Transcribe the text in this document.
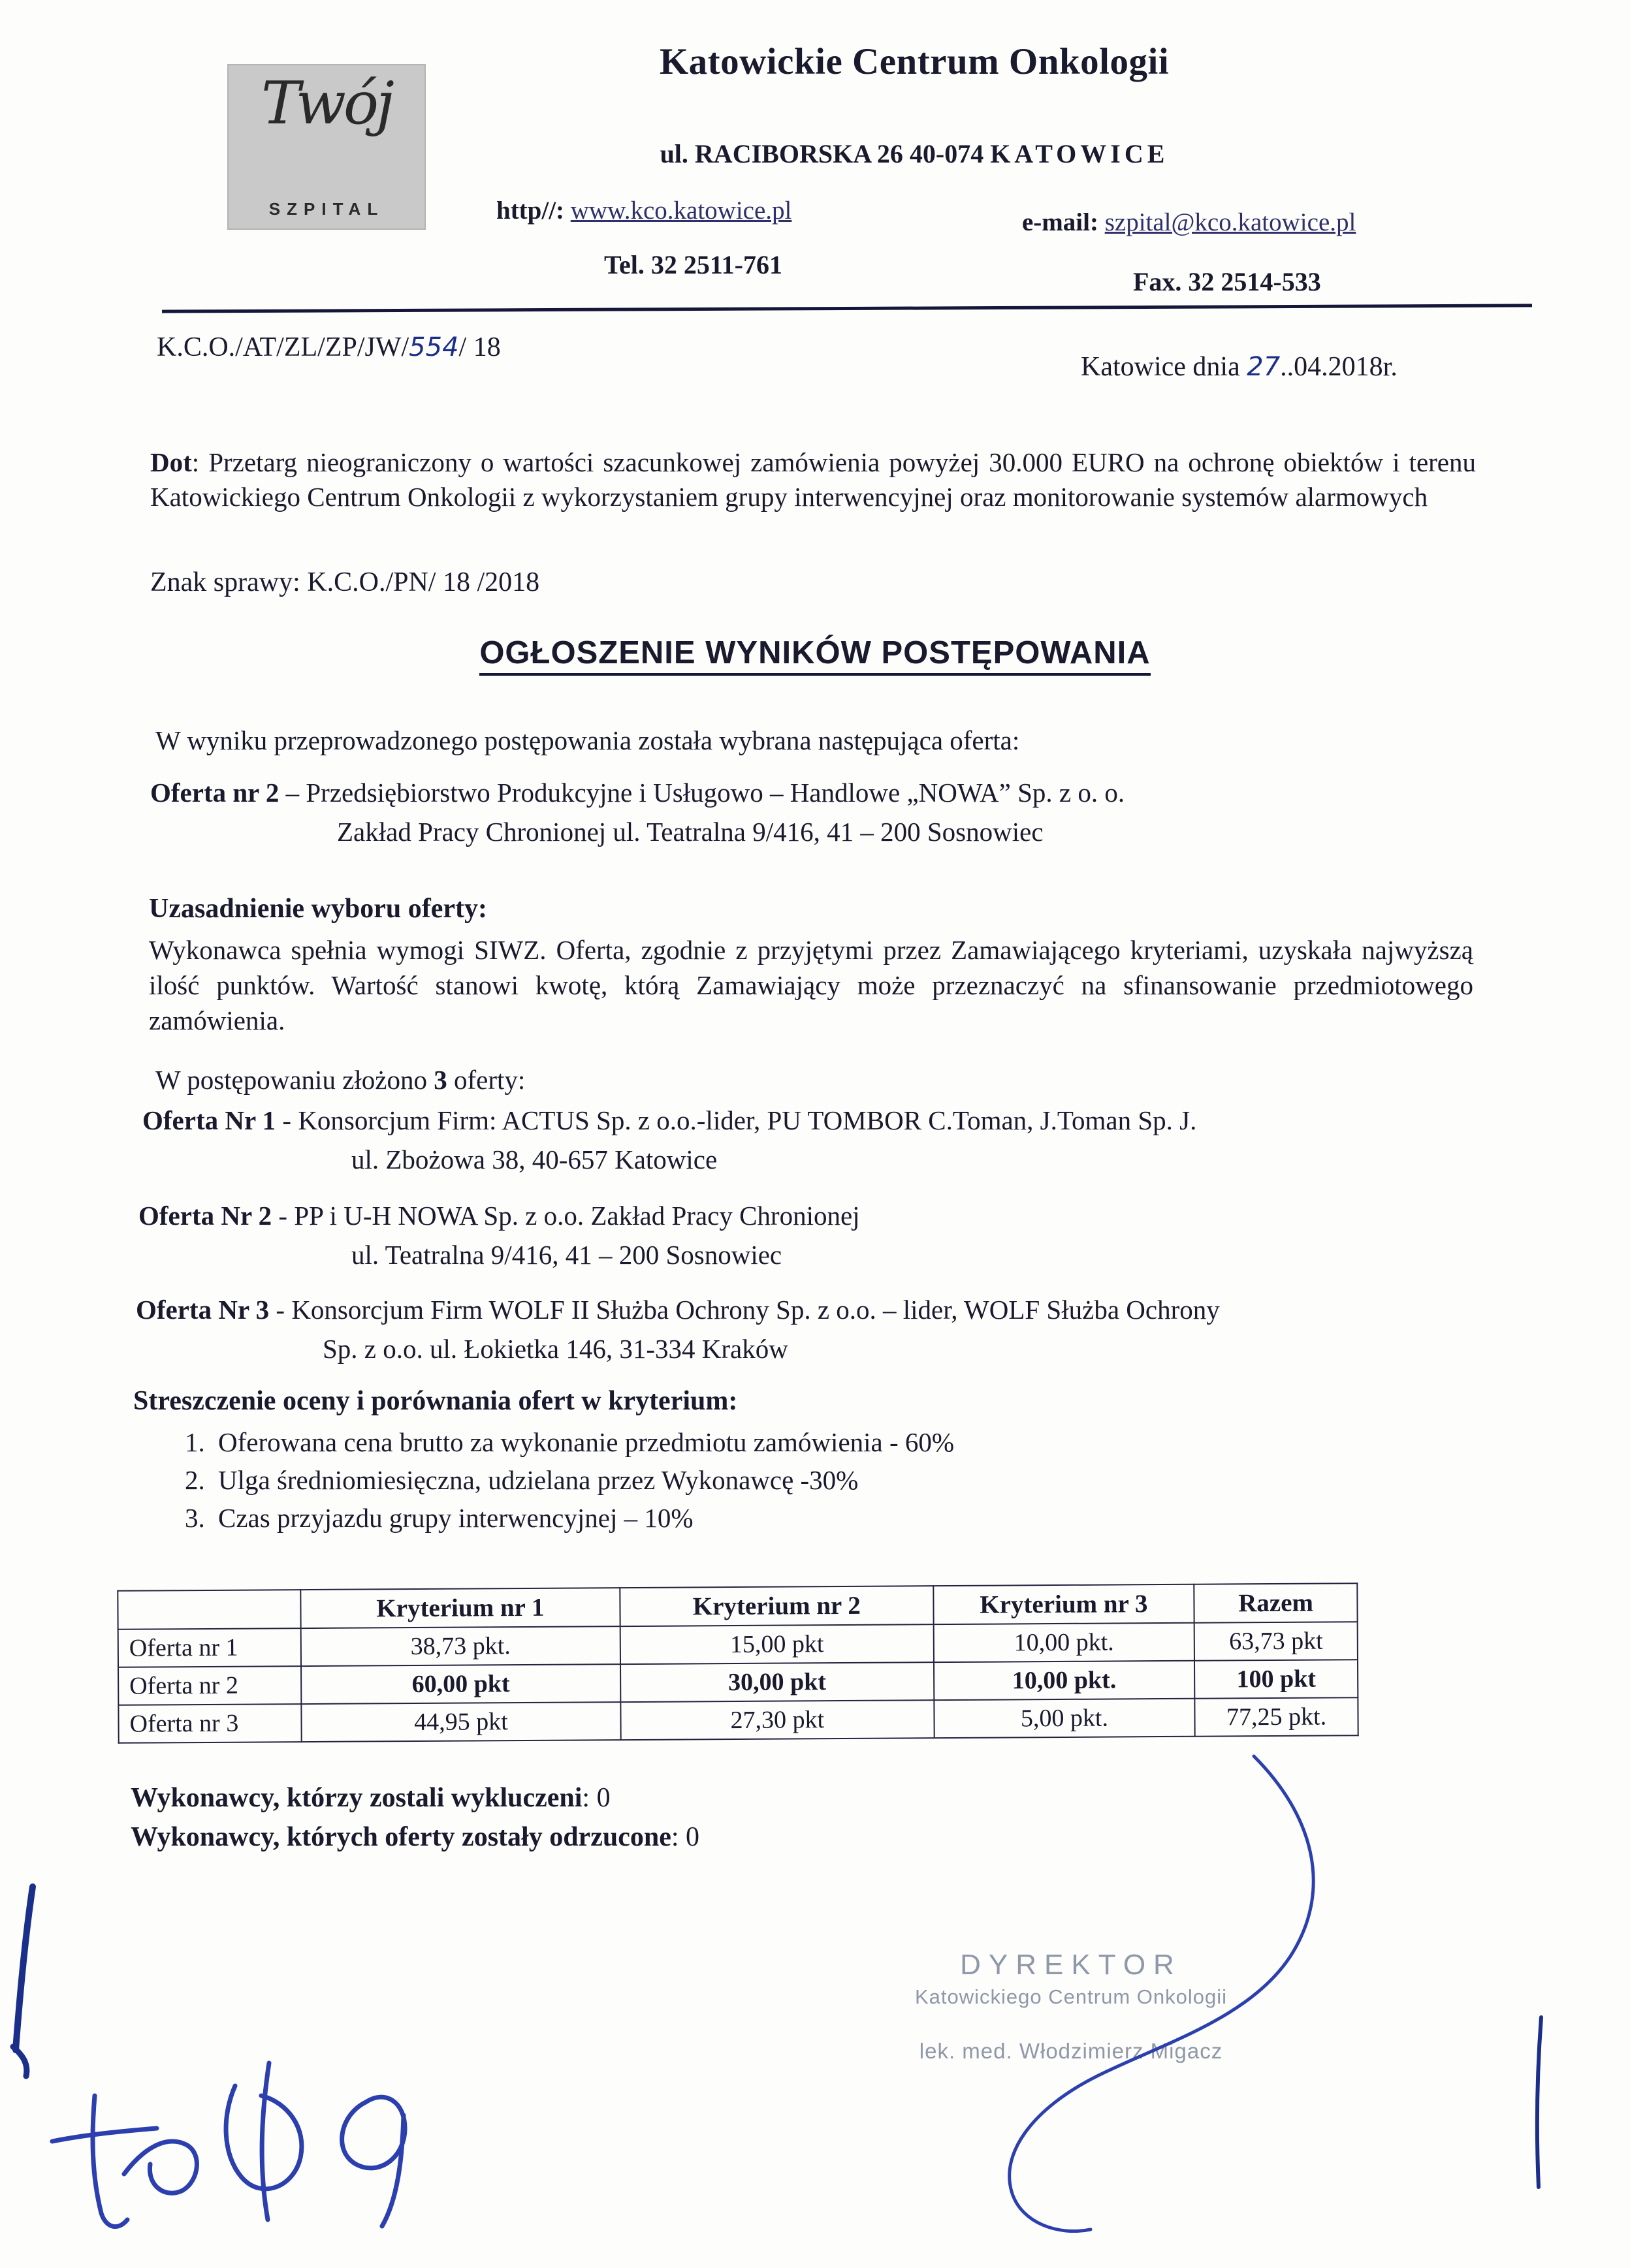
Twój
SZPITAL
Katowickie Centrum Onkologii
ul. RACIBORSKA 26 40-074 KATOWICE
http//: www.kco.katowice.pl	e-mail: szpital@kco.katowice.pl
Tel. 32 2511-761
Fax. 32 2514-533
K.C.O./AT/ZL/ZP/JW/554/ 18
Katowice dnia 27..04.2018r.
Dot: Przetarg nieograniczony o wartości szacunkowej zamówienia powyżej 30.000 EURO na ochronę obiektów i terenu Katowickiego Centrum Onkologii z wykorzystaniem grupy interwencyjnej oraz monitorowanie systemów alarmowych
Znak sprawy: K.C.O./PN/ 18 /2018
OGŁOSZENIE WYNIKÓW POSTĘPOWANIA
W wyniku przeprowadzonego postępowania została wybrana następująca oferta:
Oferta nr 2 – Przedsiębiorstwo Produkcyjne i Usługowo – Handlowe „NOWA” Sp. z o. o.
Zakład Pracy Chronionej ul. Teatralna 9/416, 41 – 200 Sosnowiec
Uzasadnienie wyboru oferty:
Wykonawca spełnia wymogi SIWZ. Oferta, zgodnie z przyjętymi przez Zamawiającego kryteriami, uzyskała najwyższą ilość punktów. Wartość stanowi kwotę, którą Zamawiający może przeznaczyć na sfinansowanie przedmiotowego zamówienia.
W postępowaniu złożono 3 oferty:
Oferta Nr 1 - Konsorcjum Firm: ACTUS Sp. z o.o.-lider, PU TOMBOR C.Toman, J.Toman Sp. J.
ul. Zbożowa 38, 40-657 Katowice
Oferta Nr 2 - PP i U-H NOWA Sp. z o.o. Zakład Pracy Chronionej
ul. Teatralna 9/416, 41 – 200 Sosnowiec
Oferta Nr 3 - Konsorcjum Firm WOLF II Służba Ochrony Sp. z o.o. – lider, WOLF Służba Ochrony
Sp. z o.o. ul. Łokietka 146, 31-334 Kraków
Streszczenie oceny i porównania ofert w kryterium:
1. Oferowana cena brutto za wykonanie przedmiotu zamówienia - 60%
2. Ulga średniomiesięczna, udzielana przez Wykonawcę -30%
3. Czas przyjazdu grupy interwencyjnej – 10%
	Kryterium nr 1	Kryterium nr 2	Kryterium nr 3	Razem
Oferta nr 1	38,73 pkt.	15,00 pkt	10,00 pkt.	63,73 pkt
Oferta nr 2	60,00 pkt	30,00 pkt	10,00 pkt.	100 pkt
Oferta nr 3	44,95 pkt	27,30 pkt	5,00 pkt.	77,25 pkt.
Wykonawcy, którzy zostali wykluczeni: 0
Wykonawcy, których oferty zostały odrzucone: 0
DYREKTOR
Katowickiego Centrum Onkologii
lek. med. Włodzimierz Migacz
